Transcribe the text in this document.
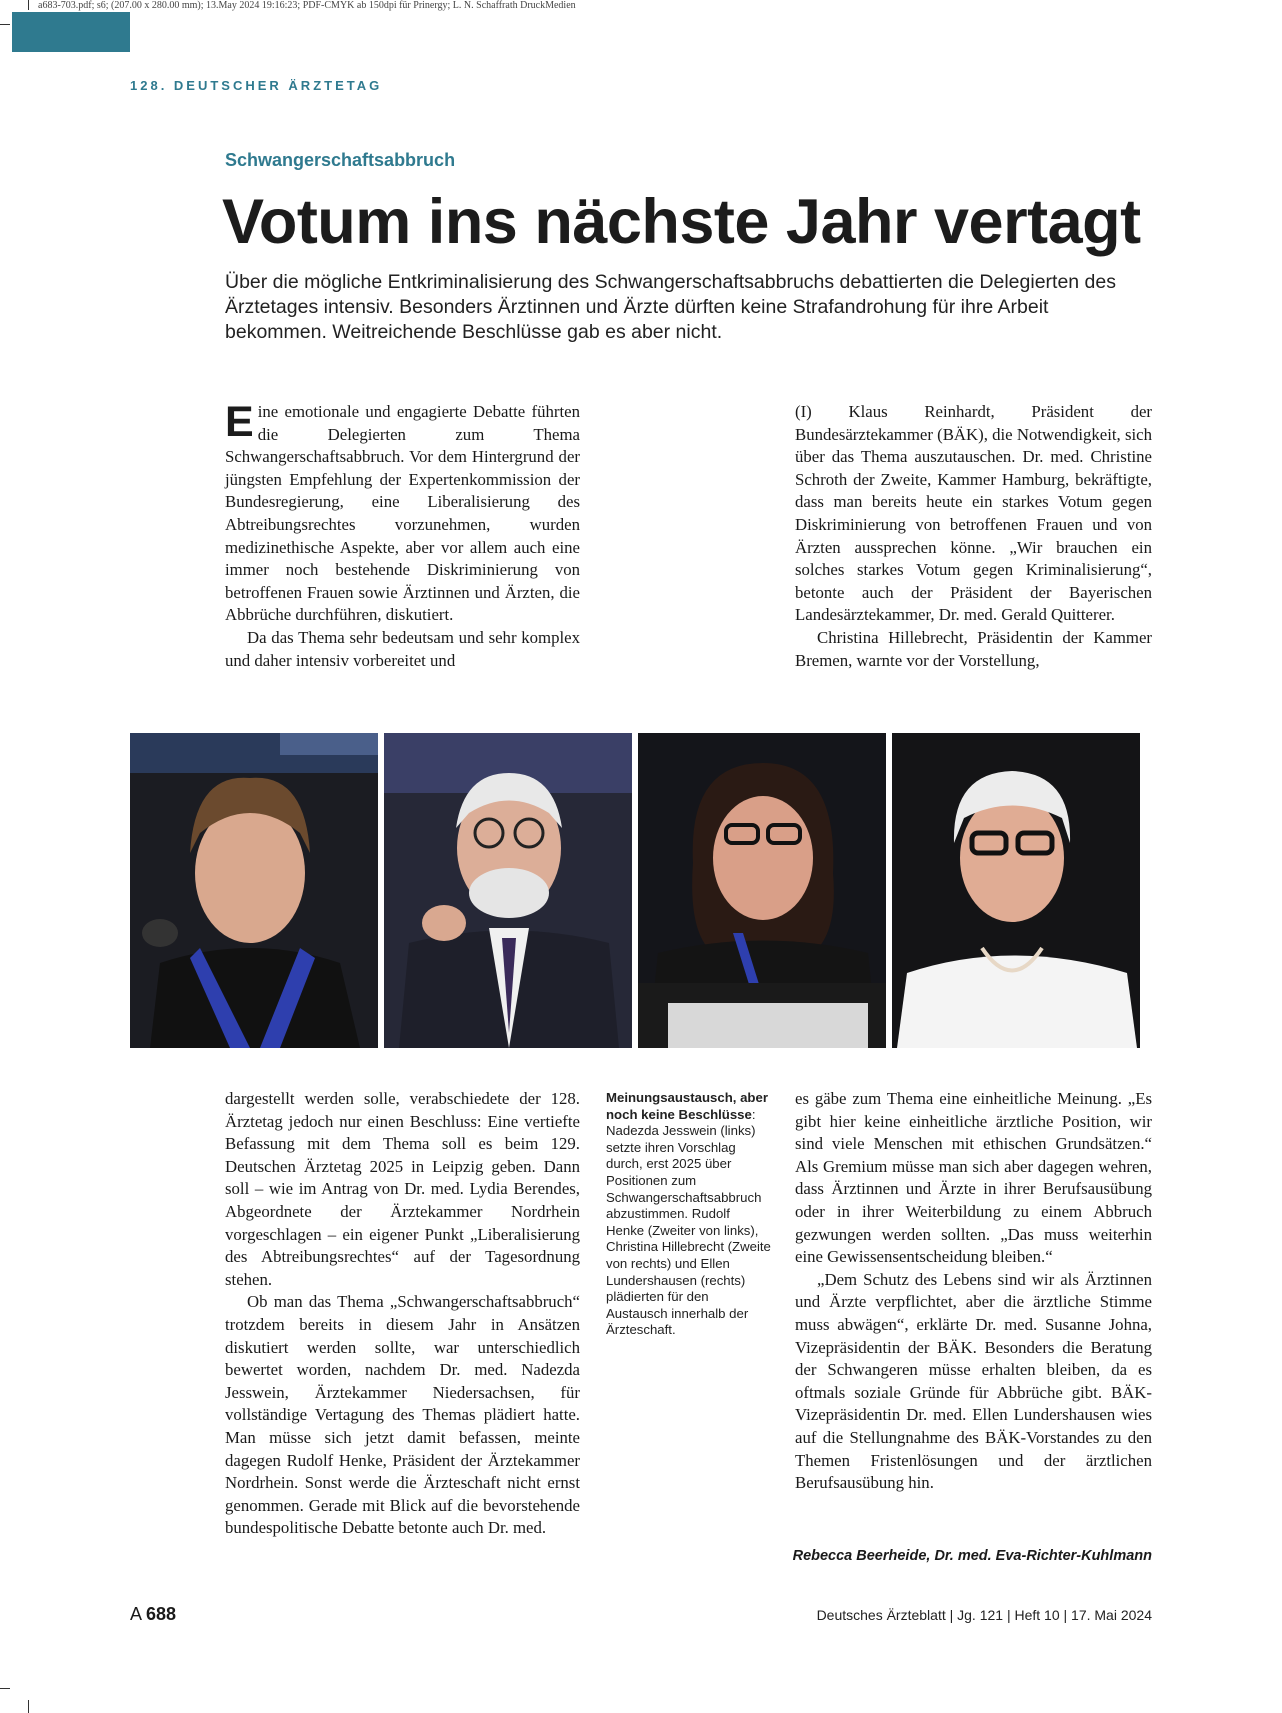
a683-703.pdf; s6; (207.00 x 280.00 mm); 13.May 2024 19:16:23; PDF-CMYK ab 150dpi für Prinergy; L. N. Schaffrath DruckMedien
128. DEUTSCHER ÄRZTETAG
Schwangerschaftsabbruch
Votum ins nächste Jahr vertagt
Über die mögliche Entkriminalisierung des Schwangerschaftsabbruchs debattierten die Delegierten des Ärztetages intensiv. Besonders Ärztinnen und Ärzte dürften keine Strafandrohung für ihre Arbeit bekommen. Weitreichende Beschlüsse gab es aber nicht.

Eine emotionale und engagierte Debatte führten die Delegierten zum Thema Schwangerschaftsabbruch. Vor dem Hintergrund der jüngsten Empfehlung der Expertenkommission der Bundesregierung, eine Liberalisierung des Abtreibungsrechtes vorzunehmen, wurden medizinethische Aspekte, aber vor allem auch eine immer noch bestehende Diskriminierung von betroffenen Frauen sowie Ärztinnen und Ärzten, die Abbrüche durchführen, diskutiert.

Da das Thema sehr bedeutsam und sehr komplex und daher intensiv vorbereitet und

(I) Klaus Reinhardt, Präsident der Bundesärztekammer (BÄK), die Notwendigkeit, sich über das Thema auszutauschen. Dr. med. Christine Schroth der Zweite, Kammer Hamburg, bekräftigte, dass man bereits heute ein starkes Votum gegen Diskriminierung von betroffenen Frauen und von Ärzten aussprechen könne. „Wir brauchen ein solches starkes Votum gegen Kriminalisierung“, betonte auch der Präsident der Bayerischen Landesärztekammer, Dr. med. Gerald Quitterer.

Christina Hillebrecht, Präsidentin der Kammer Bremen, warnte vor der Vorstellung,

dargestellt werden solle, verabschiedete der 128. Ärztetag jedoch nur einen Beschluss: Eine vertiefte Befassung mit dem Thema soll es beim 129. Deutschen Ärztetag 2025 in Leipzig geben. Dann soll – wie im Antrag von Dr. med. Lydia Berendes, Abgeordnete der Ärztekammer Nordrhein vorgeschlagen – ein eigener Punkt „Liberalisierung des Abtreibungsrechtes“ auf der Tagesordnung stehen.

Ob man das Thema „Schwangerschaftsabbruch“ trotzdem bereits in diesem Jahr in Ansätzen diskutiert werden sollte, war unterschiedlich bewertet worden, nachdem Dr. med. Nadezda Jesswein, Ärztekammer Niedersachsen, für vollständige Vertagung des Themas plädiert hatte. Man müsse sich jetzt damit befassen, meinte dagegen Rudolf Henke, Präsident der Ärztekammer Nordrhein. Sonst werde die Ärzteschaft nicht ernst genommen. Gerade mit Blick auf die bevorstehende bundespolitische Debatte betonte auch Dr. med.

Meinungsaustausch, aber noch keine Beschlüsse: Nadezda Jesswein (links) setzte ihren Vorschlag durch, erst 2025 über Positionen zum Schwangerschaftsabbruch abzustimmen. Rudolf Henke (Zweiter von links), Christina Hillebrecht (Zweite von rechts) und Ellen Lundershausen (rechts) plädierten für den Austausch innerhalb der Ärzteschaft.

es gäbe zum Thema eine einheitliche Meinung. „Es gibt hier keine einheitliche ärztliche Position, wir sind viele Menschen mit ethischen Grundsätzen.“ Als Gremium müsse man sich aber dagegen wehren, dass Ärztinnen und Ärzte in ihrer Berufsausübung oder in ihrer Weiterbildung zu einem Abbruch gezwungen werden sollten. „Das muss weiterhin eine Gewissensentscheidung bleiben.“

„Dem Schutz des Lebens sind wir als Ärztinnen und Ärzte verpflichtet, aber die ärztliche Stimme muss abwägen“, erklärte Dr. med. Susanne Johna, Vizepräsidentin der BÄK. Besonders die Beratung der Schwangeren müsse erhalten bleiben, da es oftmals soziale Gründe für Abbrüche gibt. BÄK-Vizepräsidentin Dr. med. Ellen Lundershausen wies auf die Stellungnahme des BÄK-Vorstandes zu den Themen Fristenlösungen und der ärztlichen Berufsausübung hin.

Rebecca Beerheide, Dr. med. Eva-Richter-Kuhlmann
A 688	Deutsches Ärzteblatt | Jg. 121 | Heft 10 | 17. Mai 2024
